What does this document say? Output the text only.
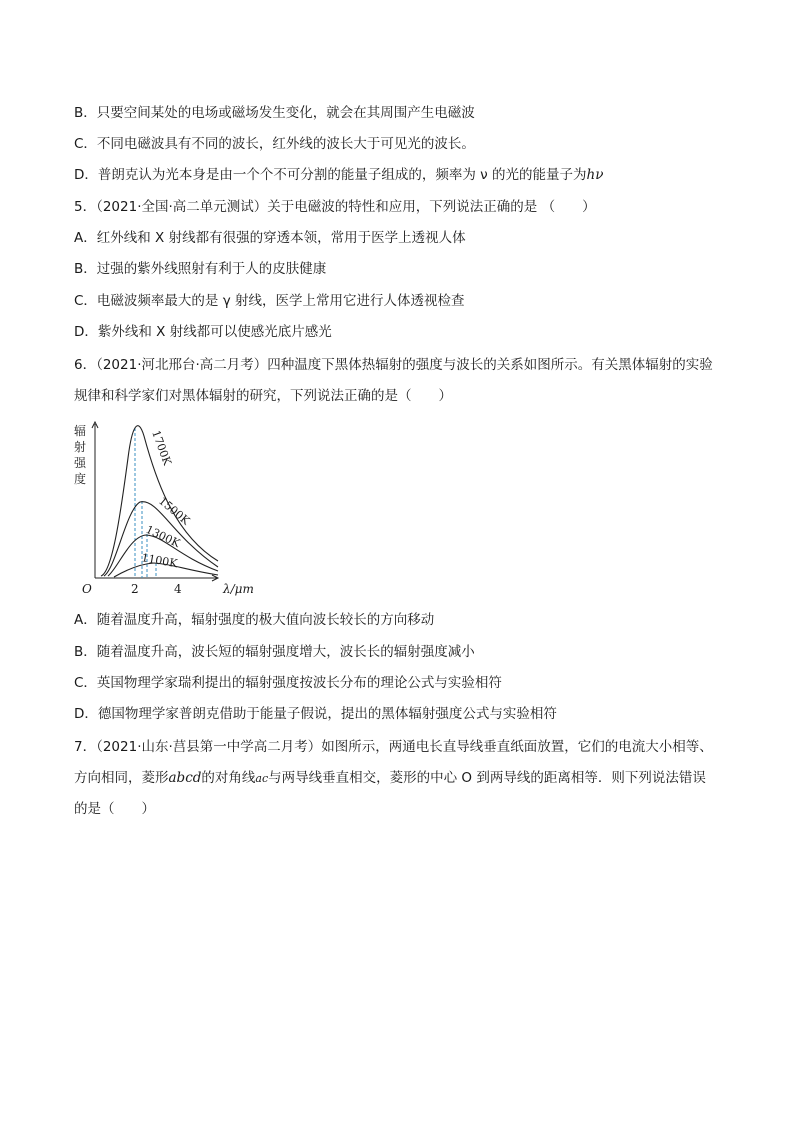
B．只要空间某处的电场或磁场发生变化，就会在其周围产生电磁波
C．不同电磁波具有不同的波长，红外线的波长大于可见光的波长。
D．普朗克认为光本身是由一个个不可分割的能量子组成的，频率为 ν 的光的能量子为hν
5．（2021·全国·高二单元测试）关于电磁波的特性和应用，下列说法正确的是 （　　）
A．红外线和 X 射线都有很强的穿透本领，常用于医学上透视人体
B．过强的紫外线照射有利于人的皮肤健康
C．电磁波频率最大的是 γ 射线，医学上常用它进行人体透视检查
D．紫外线和 X 射线都可以使感光底片感光
6．（2021·河北邢台·高二月考）四种温度下黑体热辐射的强度与波长的关系如图所示。有关黑体辐射的实验
规律和科学家们对黑体辐射的研究，下列说法正确的是（　　）
辐
射
强
度
O	2	4	λ/μm
1700K
1500K
1300K
1100K
A．随着温度升高，辐射强度的极大值向波长较长的方向移动
B．随着温度升高，波长短的辐射强度增大，波长长的辐射强度减小
C．英国物理学家瑞利提出的辐射强度按波长分布的理论公式与实验相符
D．德国物理学家普朗克借助于能量子假说，提出的黑体辐射强度公式与实验相符
7．（2021·山东·莒县第一中学高二月考）如图所示，两通电长直导线垂直纸面放置，它们的电流大小相等、
方向相同，菱形abcd的对角线ac与两导线垂直相交，菱形的中心 O 到两导线的距离相等．则下列说法错误
的是（　　）
